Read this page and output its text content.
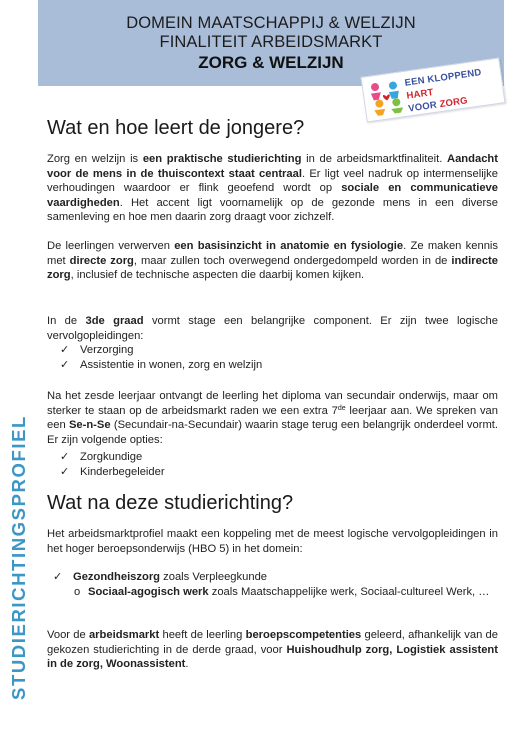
DOMEIN MAATSCHAPPIJ & WELZIJN
FINALITEIT ARBEIDSMARKT
ZORG & WELZIJN
EEN KLOPPEND HART
VOOR ZORG
STUDIERICHTINGSPROFIEL
Wat en hoe leert de jongere?

Zorg en welzijn is een praktische studierichting in de arbeidsmarktfinaliteit. Aandacht voor de mens in de thuiscontext staat centraal. Er ligt veel nadruk op intermenselijke verhoudingen waardoor er flink geoefend wordt op sociale en communicatieve vaardigheden. Het accent ligt voornamelijk op de gezonde mens in een diverse samenleving en hoe men daarin zorg draagt voor zichzelf.

De leerlingen verwerven een basisinzicht in anatomie en fysiologie. Ze maken kennis met directe zorg, maar zullen toch overwegend ondergedompeld worden in de indirecte zorg, inclusief de technische aspecten die daarbij komen kijken.

In de 3de graad vormt stage een belangrijke component. Er zijn twee logische vervolgopleidingen:

✓ Verzorging
✓ Assistentie in wonen, zorg en welzijn

Na het zesde leerjaar ontvangt de leerling het diploma van secundair onderwijs, maar om sterker te staan op de arbeidsmarkt raden we een extra 7de leerjaar aan. We spreken van een Se-n-Se (Secundair-na-Secundair) waarin stage terug een belangrijk onderdeel vormt. Er zijn volgende opties:

✓ Zorgkundige
✓ Kinderbegeleider
Wat na deze studierichting?

Het arbeidsmarktprofiel maakt een koppeling met de meest logische vervolgopleidingen in het hoger beroepsonderwijs (HBO 5) in het domein:

✓ Gezondheiszorg zoals Verpleegkunde
o Sociaal-agogisch werk zoals Maatschappelijke werk, Sociaal-cultureel Werk, …

Voor de arbeidsmarkt heeft de leerling beroepscompetenties geleerd, afhankelijk van de gekozen studierichting in de derde graad, voor Huishoudhulp zorg, Logistiek assistent in de zorg, Woonassistent.
